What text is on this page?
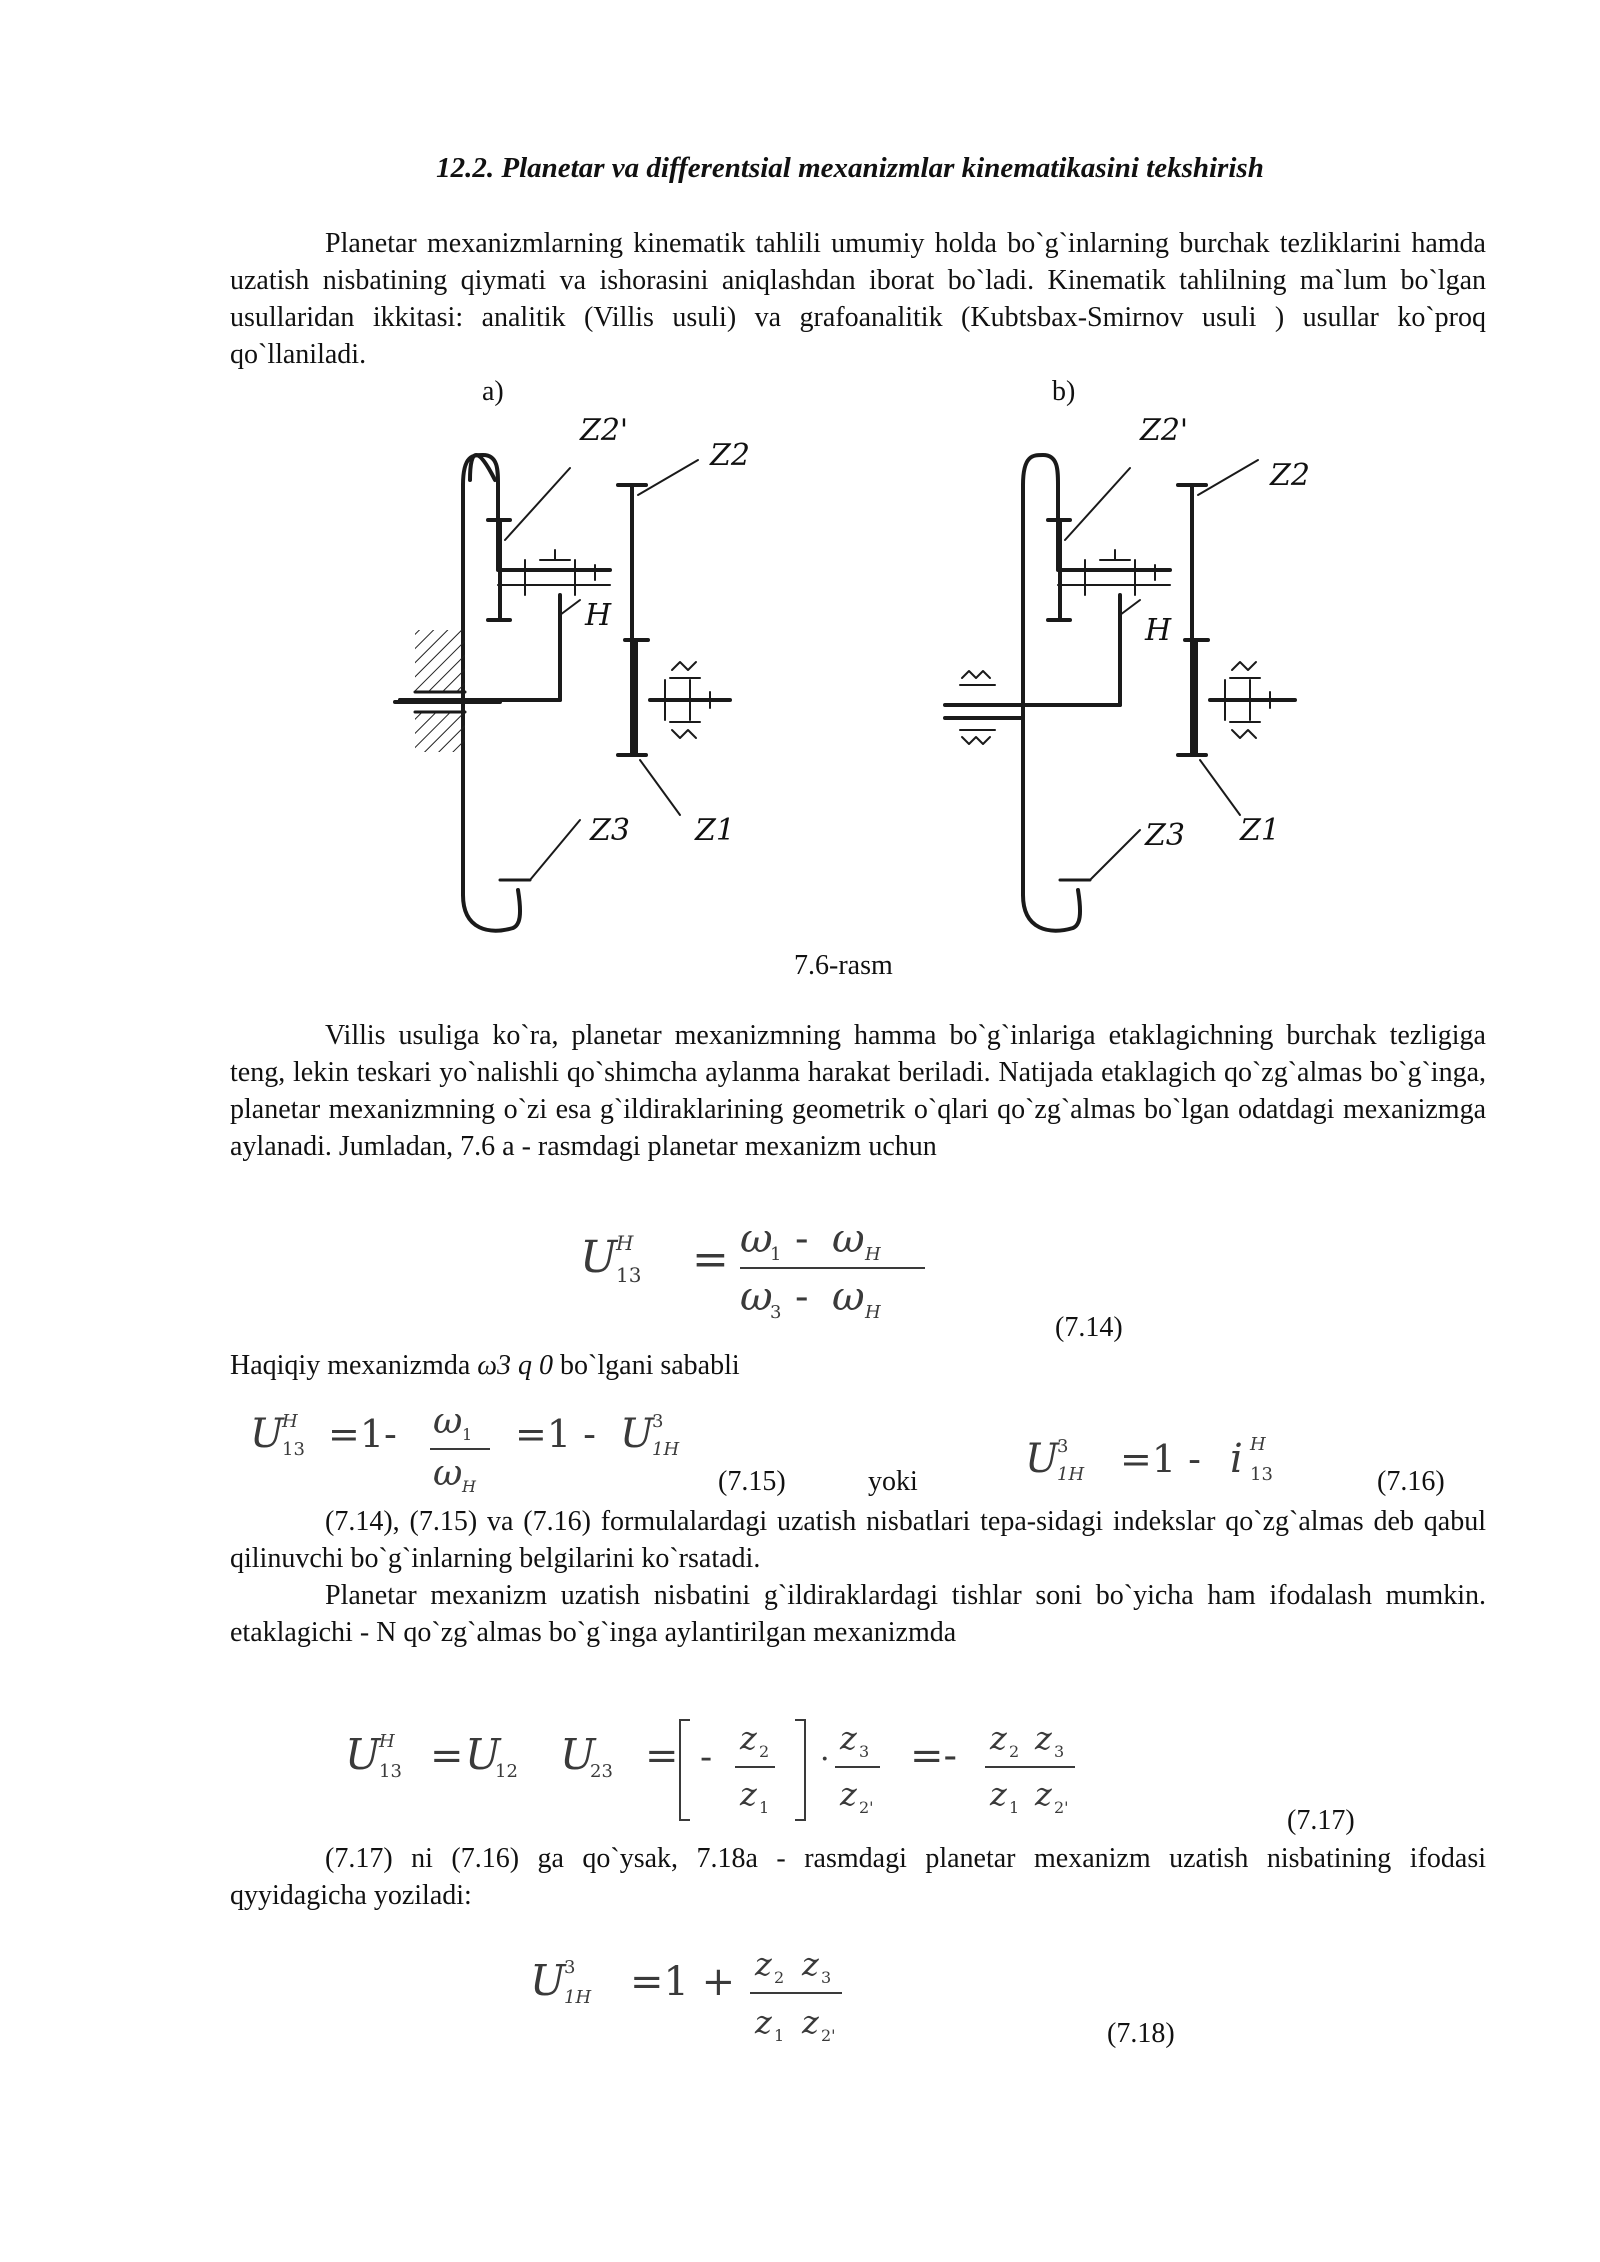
12.2. Planetar va differentsial mexanizmlar kinematikasini tekshirish
Planetar mexanizmlarning kinematik tahlili umumiy holda bo`g`inlarning burchak tezliklarini hamda uzatish nisbatining qiymati va ishorasini aniqlashdan iborat bo`ladi. Kinematik tahlilning ma`lum bo`lgan usullaridan ikkitasi: analitik (Villis usuli) va grafoanalitik (Kubtsbax-Smirnov usuli ) usullar ko`proq qo`llaniladi.
a)	b)
Z2'
Z2
H
Z3 Z1
Z2'
Z2
H
Z3 Z1
7.6-rasm
Villis usuliga ko`ra, planetar mexanizmning hamma bo`g`inlariga etaklagichning burchak tezligiga teng, lekin teskari yo`nalishli qo`shimcha aylanma harakat beriladi. Natijada etaklagich qo`zg`almas bo`g`inga, planetar mexanizmning o`zi esa g`ildiraklarining geometrik o`qlari qo`zg`almas bo`lgan odatdagi mexanizmga aylanadi. Jumladan, 7.6 a - rasmdagi planetar mexanizm uchun
U
H
13 = ω
1 - ω H
ω
3 - ω H	(7.14)
Haqiqiy mexanizmda ω3 q 0 bo`lgani sababli
U
H
13 =1- ω 1
ω H
=1 - U
3
1H
(7.15)	yoki	U
3
1H =1 - i H
13	(7.16)
(7.14), (7.15) va (7.16) formulalardagi uzatish nisbatlari tepa-sidagi indekslar qo`zg`almas deb qabul qilinuvchi bo`g`inlarning belgilarini ko`rsatadi.
Planetar mexanizm uzatish nisbatini g`ildiraklardagi tishlar soni bo`yicha ham ifodalash mumkin. etaklagichi - N qo`zg`almas bo`g`inga aylantirilgan mexanizmda
U
H
13 = U
12 U
23 = - z 2
z 1
·
z 3
z 2'
=- z 2 z 3
z 1 z 2'	(7.17)
(7.17) ni (7.16) ga qo`ysak, 7.18a - rasmdagi planetar mexanizm uzatish nisbatining ifodasi qyyidagicha yoziladi:
U
3
1H =1 + z 2 z 3
z 1 z 2'	(7.18)
